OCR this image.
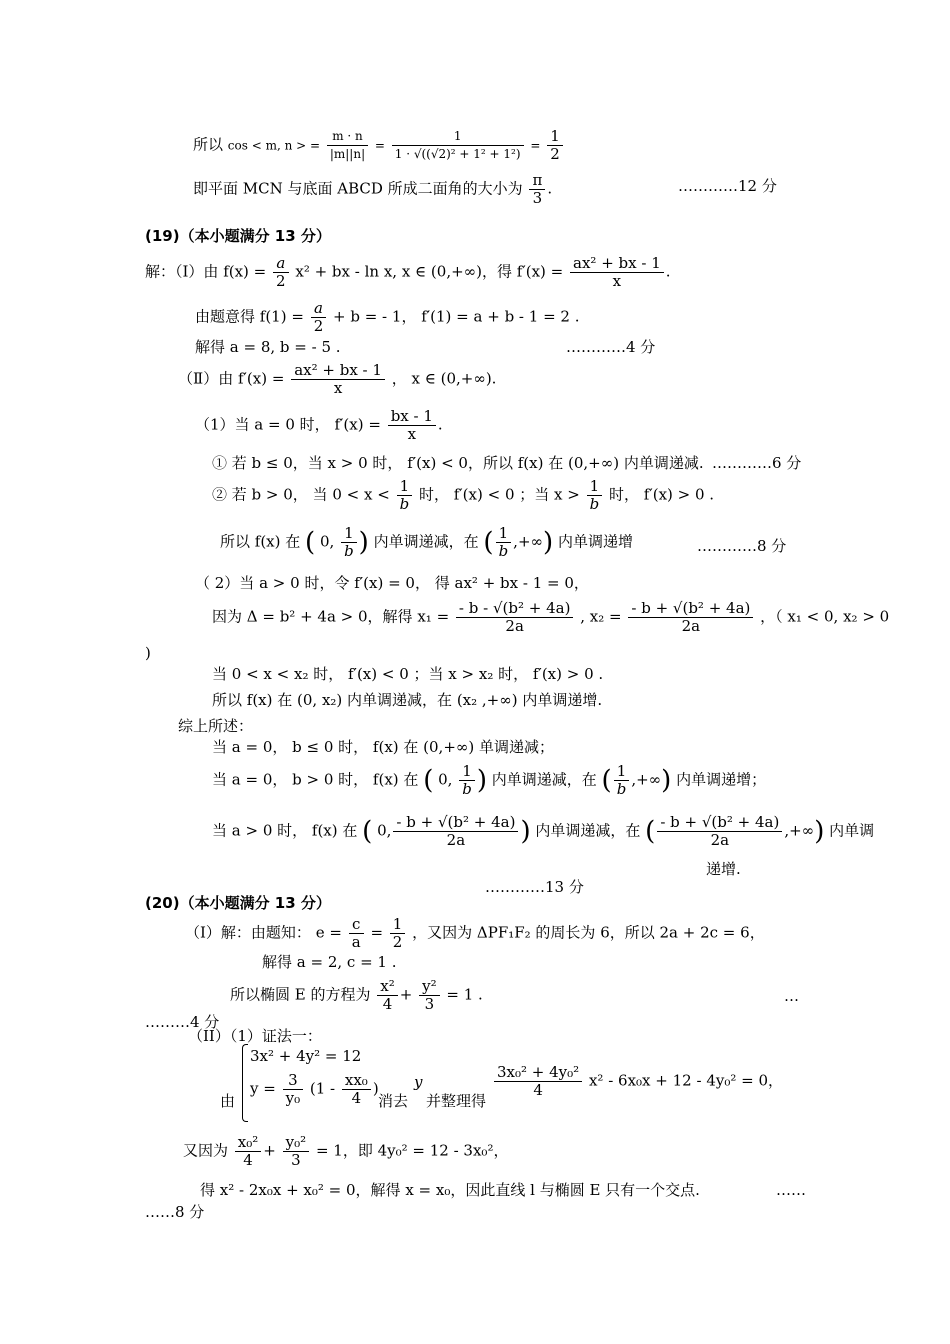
所以 cos < m, n > = $\frac{m \cdot n}{|m||n|} = \frac{1}{\text{1 · √((√2)² + 1² + 1²)}} = \frac{1}{2}$
即平面 MCN 与底面 ABCD 所成二面角的大小为 $\frac{\pi}{3}$ .	…………12 分
(19)（本小题满分 13 分）
解：（Ⅰ）由 $f(x) = \frac{a}{2} x^2$ + bx - ln x, x ∈ (0,+∞)，得 $f'(x) = \frac{\text{ax² + bx - 1}}{x}$ .
由题意得 $f(1) = \frac{a}{2} + b$ = - 1， f′(1) = a + b - 1 = 2 .
解得 a = 8, b = - 5 .	…………4 分
（Ⅱ）由 $f'(x) = \frac{\text{ax² + bx - 1}}{x}$ ， x ∈ (0,+∞).
（1）当 a = 0 时， $f'(x) = \frac{bx - 1}{x}$ .
① 若 b ≤ 0，当 x > 0 时， f′(x) < 0，所以 f(x) 在 (0,+∞) 内单调递减. …………6 分
② 若 b > 0， 当 $0 < x < \frac{1}{b}$ 时， f′(x) < 0 ；当 $x > \frac{1}{b}$ 时， f′(x) > 0 .
所以 f(x) 在 ( 0, $\frac{1}{b}$ ) 内单调递减，在 ( $\frac{1}{b}$ ,+∞) 内单调递增	…………8 分
（ 2）当 a > 0 时，令 f′(x) = 0， 得 ax² + bx - 1 = 0，
因为 Δ = b² + 4a > 0，解得 $x_1 = \frac{\text{- b - √(b² + 4a)}}{2a}$ , $x_2 = \frac{\text{- b + √(b² + 4a)}}{2a}$ ，（ x₁ < 0, x₂ > 0
)
当 0 < x < x₂ 时， f′(x) < 0 ；当 x > x₂ 时， f′(x) > 0 .
所以 f(x) 在 (0, x₂) 内单调递减，在 (x₂ ,+∞) 内单调递增.
综上所述：
当 a = 0， b ≤ 0 时， f(x) 在 (0,+∞) 单调递减；
当 a = 0， b > 0 时， f(x) 在 ( 0, $\frac{1}{b}$ ) 内单调递减，在 ( $\frac{1}{b}$ ,+∞) 内单调递增；
当 a > 0 时， f(x) 在 ( 0, $\frac{\text{- b + √(b² + 4a)}}{2a}$ ) 内单调递减，在 ( $\frac{\text{- b + √(b² + 4a)}}{2a}$ ,+∞) 内单调
递增.
…………13 分
(20)（本小题满分 13 分）
（Ⅰ）解：由题知： $e = \frac{c}{a} = \frac{1}{2}$ ，又因为 ΔPF₁F₂ 的周长为 6，所以 2a + 2c = 6，
解得 a = 2, c = 1 .
所以椭圆 E 的方程为 $\frac{\text{x²}}{4} + \frac{\text{y²}}{3} = 1$ .	…
………4 分
（II）（1）证法一：
3x² + 4y² = 12
$y = \frac{3}{\text{y₀}} (1 - \frac{\text{xx₀}}{4}$ )
由	消去
y
并整理得
$\frac{\text{3x₀² + 4y₀²}}{4} x^2 - 6x_0x + 12 - 4y_0^2 = 0$，
又因为 $\frac{\text{x₀²}}{4} + \frac{\text{y₀²}}{3} = 1$，即 4y₀² = 12 - 3x₀²，
得 x² - 2x₀x + x₀² = 0，解得 x = x₀，因此直线 l 与椭圆 E 只有一个交点.	……
……8 分
